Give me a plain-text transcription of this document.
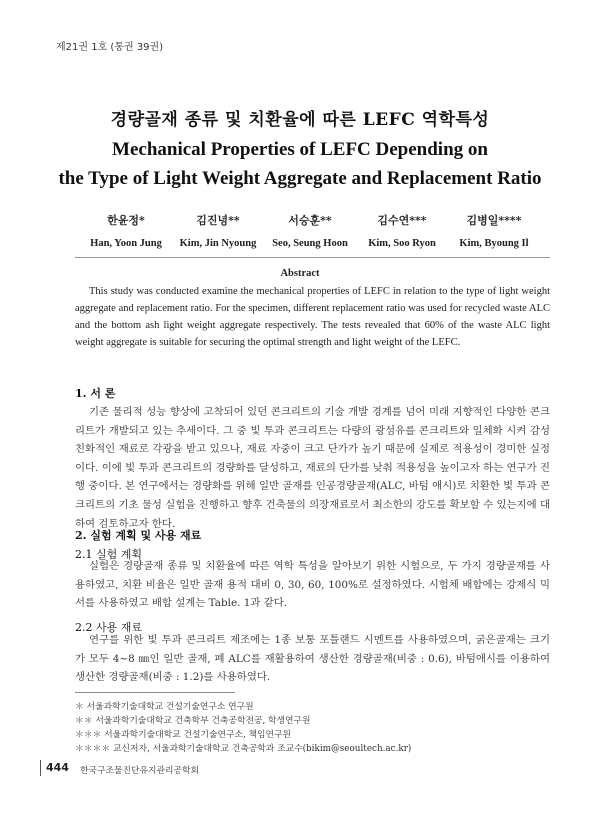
제21권 1호 (통권 39권)
경량골재 종류 및 치환율에 따른 LEFC 역학특성
Mechanical Properties of LEFC Depending on
the Type of Light Weight Aggregate and Replacement Ratio
한윤정*	김진녕**	서승훈**	김수연***	김병일****
Han, Yoon Jung	Kim, Jin Nyoung	Seo, Seung Hoon	Kim, Soo Ryon	Kim, Byoung Il
Abstract

This study was conducted examine the mechanical properties of LEFC in relation to the type of light weight aggregate and replacement ratio. For the specimen, different replacement ratio was used for recycled waste ALC and the bottom ash light weight aggregate respectively. The tests revealed that 60% of the waste ALC light weight aggregate is suitable for securing the optimal strength and light weight of the LEFC.

1. 서 론

기존 물리적 성능 향상에 고착되어 있던 콘크리트의 기술 개발 경계를 넘어 미래 지향적인 다양한 콘크리트가 개발되고 있는 추세이다. 그 중 빛 투과 콘크리트는 다량의 광섬유를 콘크리트와 일체화 시켜 감성친화적인 재료로 각광을 받고 있으나, 재료 자중이 크고 단가가 높기 때문에 실제로 적용성이 경미한 실정이다. 이에 빛 투과 콘크리트의 경량화를 달성하고, 재료의 단가를 낮춰 적용성을 높이고자 하는 연구가 진행 중이다. 본 연구에서는 경량화를 위해 일반 골재를 인공경량골재(ALC, 바텀 애시)로 치환한 빛 투과 콘크리트의 기초 물성 실험을 진행하고 향후 건축물의 의장재료로서 최소한의 강도를 확보할 수 있는지에 대하여 검토하고자 한다.

2. 실험 계획 및 사용 재료
2.1 실험 계획

실험은 경량골재 종류 및 치환율에 따른 역학 특성을 알아보기 위한 시험으로, 두 가지 경량골재를 사용하였고, 치환 비율은 일반 골재 용적 대비 0, 30, 60, 100%로 설정하였다. 시험체 배합에는 강제식 믹서를 사용하였고 배합 설계는 Table. 1과 같다.

2.2 사용 재료

연구를 위한 빛 투과 콘크리트 제조에는 1종 보통 포틀랜드 시멘트를 사용하였으며, 굵은골재는 크기가 모두 4~8 ㎜인 일반 골재, 폐 ALC를 재활용하여 생산한 경량골재(비중 : 0.6), 바텀애시를 이용하여 생산한 경량골재(비중 : 1.2)를 사용하였다.

＊ 서울과학기술대학교 건설기술연구소 연구원
＊＊ 서울과학기술대학교 건축학부 건축공학전공, 학생연구원
＊＊＊ 서울과학기술대학교 건설기술연구소, 책임연구원
＊＊＊＊ 교신저자, 서울과학기술대학교 건축공학과 조교수(bikim@seoultech.ac.kr)
444 한국구조물진단유지관리공학회
